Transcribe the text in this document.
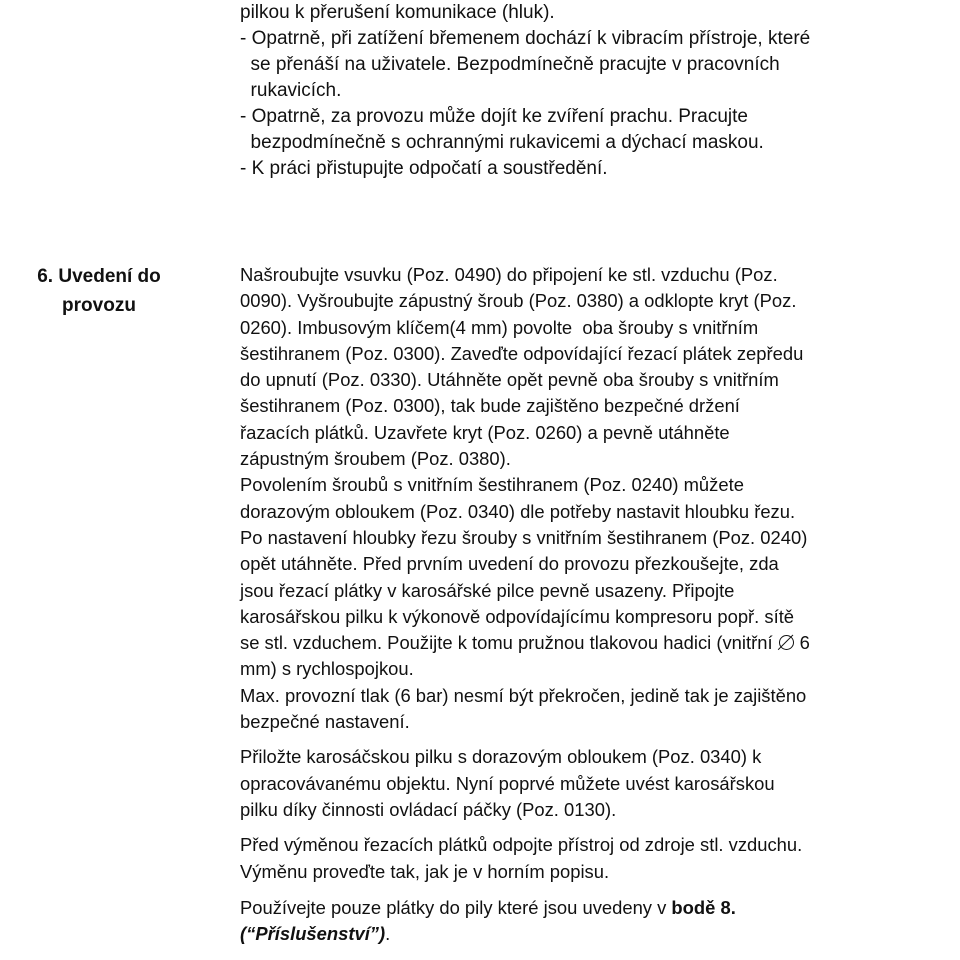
pilkou k přerušení komunikace (hluk).

- Opatrně, při zatížení břemenem dochází k vibracím přístroje, které

se přenáší na uživatele. Bezpodmínečně pracujte v pracovních

rukavicích.

- Opatrně, za provozu může dojít ke zvíření prachu. Pracujte

bezpodmínečně s ochrannými rukavicemi a dýchací maskou.

- K práci přistupujte odpočatí a soustředění.

6. Uvedení do
provozu
Našroubujte vsuvku (Poz. 0490) do připojení ke stl. vzduchu (Poz.
0090). Vyšroubujte zápustný šroub (Poz. 0380) a odklopte kryt (Poz.
0260). Imbusovým klíčem(4 mm) povolte  oba šrouby s vnitřním
šestihranem (Poz. 0300). Zaveďte odpovídající řezací plátek zepředu
do upnutí (Poz. 0330). Utáhněte opět pevně oba šrouby s vnitřním
šestihranem (Poz. 0300), tak bude zajištěno bezpečné držení
řazacích plátků. Uzavřete kryt (Poz. 0260) a pevně utáhněte
zápustným šroubem (Poz. 0380).
Povolením šroubů s vnitřním šestihranem (Poz. 0240) můžete
dorazovým obloukem (Poz. 0340) dle potřeby nastavit hloubku řezu.
Po nastavení hloubky řezu šrouby s vnitřním šestihranem (Poz. 0240)
opět utáhněte. Před prvním uvedení do provozu přezkoušejte, zda
jsou řezací plátky v karosářské pilce pevně usazeny. Připojte
karosářskou pilku k výkonově odpovídajícímu kompresoru popř. sítě
se stl. vzduchem. Použijte k tomu pružnou tlakovou hadici (vnitřní 6
mm) s rychlospojkou.
Max. provozní tlak (6 bar) nesmí být překročen, jedině tak je zajištěno
bezpečné nastavení.
Přiložte karosáčskou pilku s dorazovým obloukem (Poz. 0340) k
opracovávanému objektu. Nyní poprvé můžete uvést karosářskou
pilku díky činnosti ovládací páčky (Poz. 0130).
Před výměnou řezacích plátků odpojte přístroj od zdroje stl. vzduchu.
Výměnu proveďte tak, jak je v horním popisu.
Používejte pouze plátky do pily které jsou uvedeny v bodě 8.
(“Příslušenství”).
